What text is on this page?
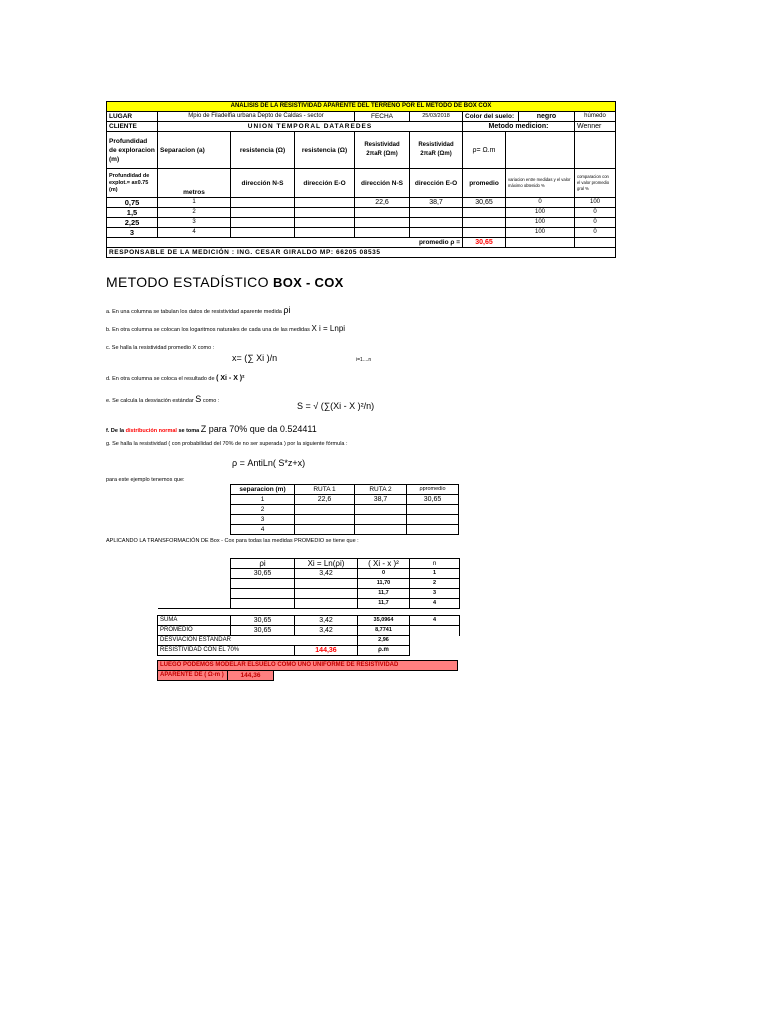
ANALISIS DE LA RESISTIVIDAD APARENTE DEL TERRENO POR EL METODO DE BOX COX									
LUGAR	Mpio de Filadelfia urbana Depto de Caldas - sector			FECHA	25/03/2018	Color del suelo:		negro	húmedo
CLIENTE	UNION TEMPORAL DATAREDES					Metodo medicion:			Wenner
Profundidad de exploracion (m)	Separacion (a)	resistencia (Ω)	resistencia (Ω)	Resistividad 2πaR (Ωm)	Resistividad 2πaR (Ωm)	ρ= Ω.m			
Profundidad de explot.= ax0.75 (m)	metros	dirección N-S	dirección E-O	dirección N-S	dirección E-O	promedio	variacion entre medidas y el valor máximo obtenido %		comparacion con el valor promedio gral %
0,75	1			22,6	38,7	30,65	0		100
1,5	2						100		0
2,25	3						100		0
3	4						100		0
promedio ρ =						30,65			
RESPONSABLE DE LA MEDICIÓN : ING. CESAR GIRALDO MP: 66205 08535									
METODO ESTADÍSTICO BOX - COX
a. En una columna se tabulan los datos de resistividad aparente medida ρi
b. En otra columna se colocan los logaritmos naturales de cada una de las medidas X i = Lnpi
c. Se halla la resistividad promedio X como :
x= (∑ Xi )/n	i=1....n
d. En otra columna se coloca el resultado de ( Xi - X )²
e. Se calcula la desviación estándar S como :	S = √ (∑(Xi - X )²/n)
f. De la distribución normal se toma Z para 70% que da 0.524411
g. Se halla la resistividad ( con probabilidad del 70% de no ser superada ) por la siguiente fórmula :
ρ = AntiLn( S*z+x)
para este ejemplo tenemos que:
separacion (m)	RUTA 1	RUTA 2	ρpromedio
1	22,6	38,7	30,65
2			
3			
4			
APLICANDO LA TRANSFORMACIÓN DE Box - Cox para todas las medidas PROMEDIO se tiene que :
	ρi	Xi = Ln(ρi)	( Xi - x )²	n
	30,65	3,42	0	1
			11,70	2
			11,7	3
			11,7	4

SUMA	30,65	3,42	35,0964	4
PROMEDIO	30,65	3,42	8,7741	
DESVIACION ESTANDAR			2,96	
RESISTIVIDAD CON EL 70%		144,36	ρ.m	
LUEGO PODEMOS MODELAR ELSUELO COMO UNO UNIFORME DE RESISTIVIDAD
APARENTE DE ( Ω-m )	144,36	
